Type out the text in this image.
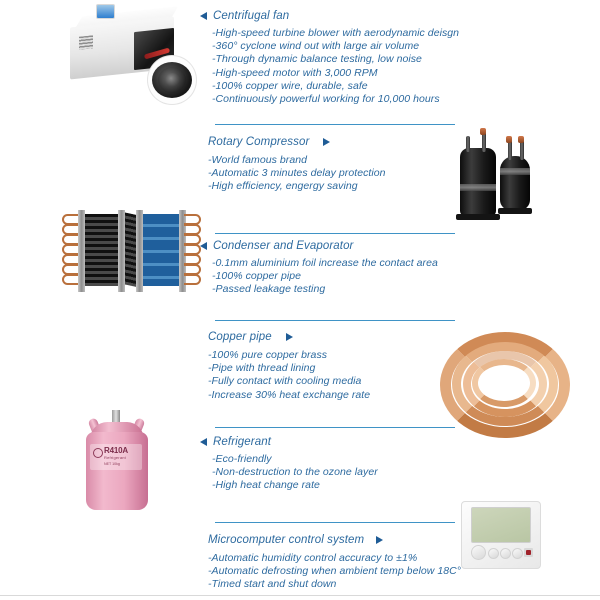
Centrifugal fan
-High-speed turbine blower with aerodynamic deisgn
-360° cyclone wind out with large air volume
-Through dynamic balance testing, low noise
-High-speed motor with 3,000 RPM
-100% copper wire, durable, safe
-Continuously powerful working for 10,000 hours
Rotary Compressor
-World famous brand
-Automatic 3 minutes delay protection
-High efficiency, engergy saving
Condenser and Evaporator
-0.1mm aluminium foil increase the contact area
-100% copper pipe
-Passed leakage testing
Copper pipe
-100% pure copper brass
-Pipe with thread lining
-Fully contact with cooling media
-Increase 30% heat exchange rate
R410A
Refrigerant
NET 10kg
Refrigerant
-Eco-friendly
-Non-destruction to the ozone layer
-High heat change rate
Microcomputer control system
-Automatic humidity control accuracy to ±1%
-Automatic defrosting when ambient temp below 18C°
-Timed start and shut down
